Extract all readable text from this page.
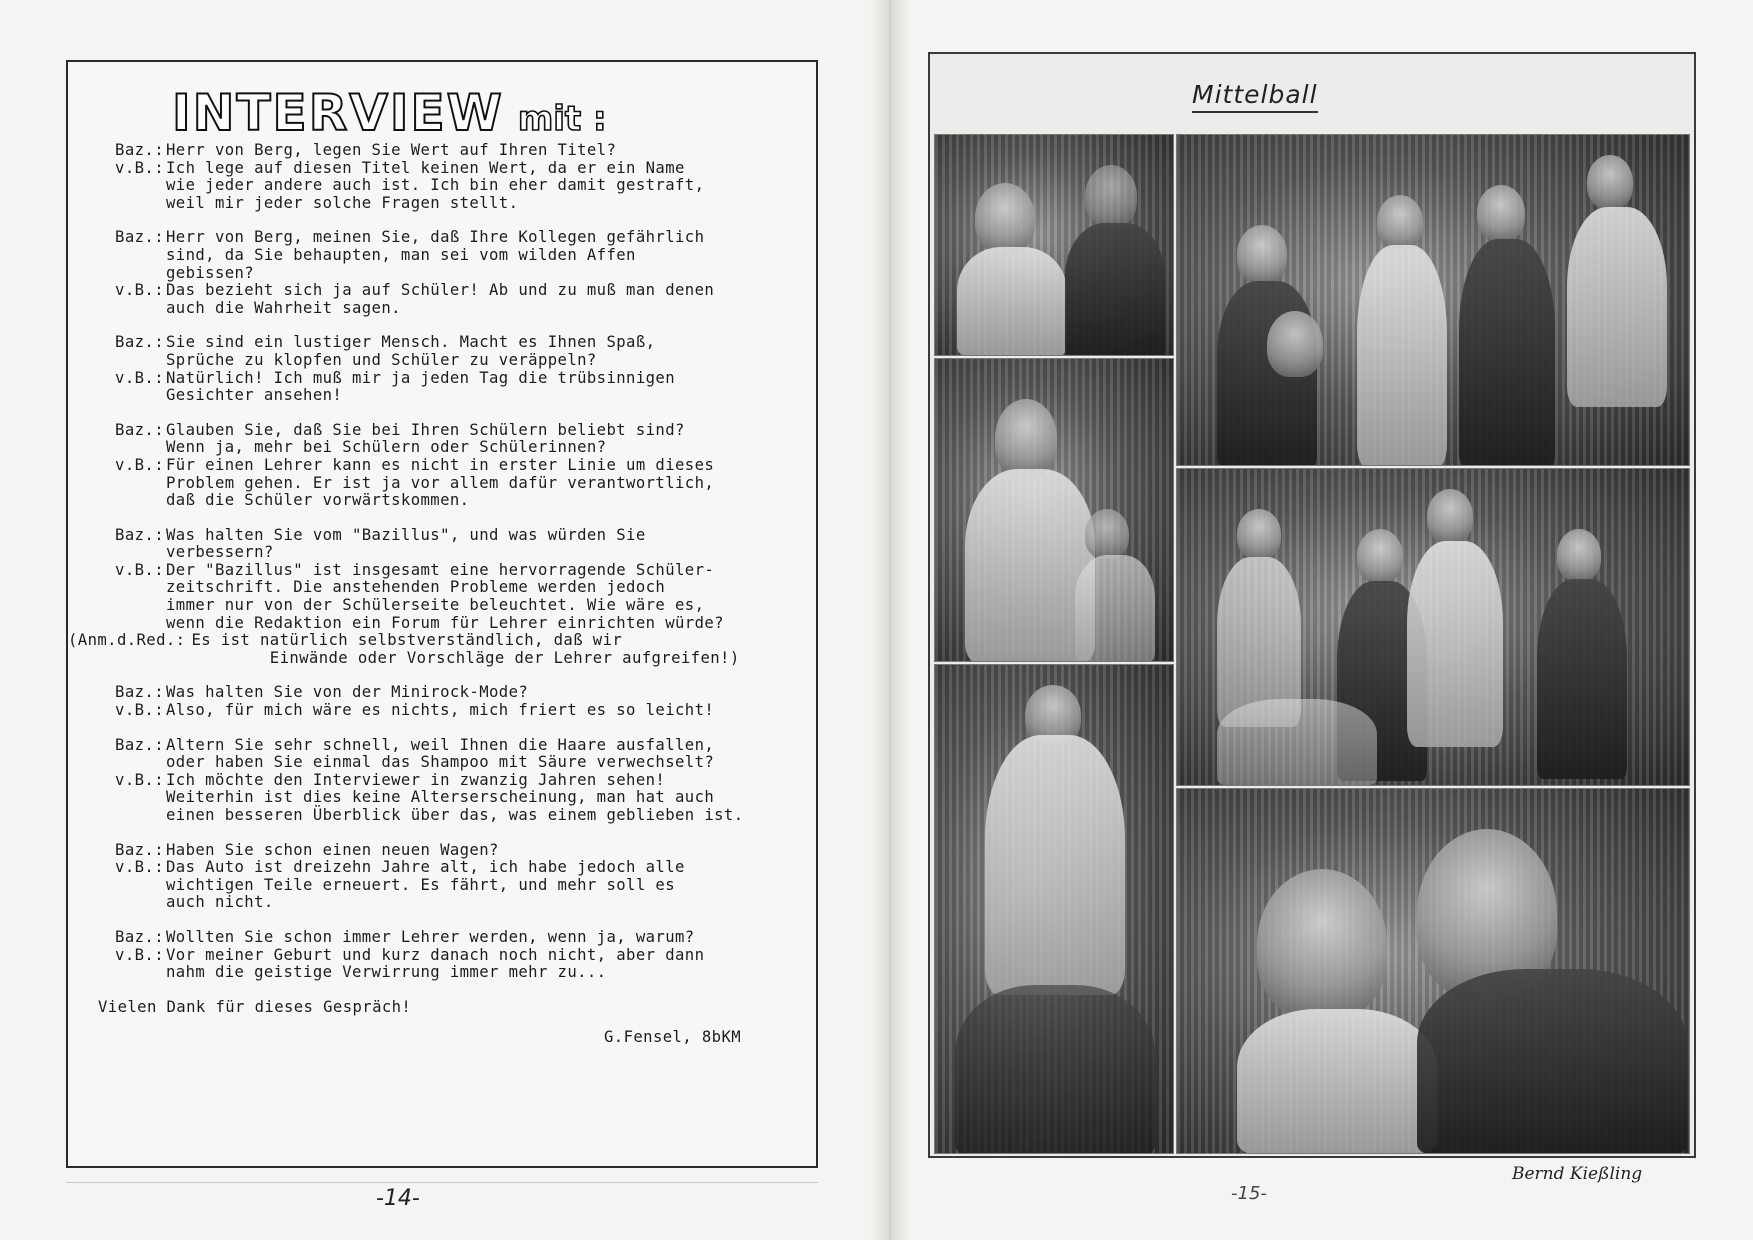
INTERVIEW mit :
Baz.: Herr von Berg, legen Sie Wert auf Ihren Titel?
v.B.: Ich lege auf diesen Titel keinen Wert, da er ein Name
wie jeder andere auch ist. Ich bin eher damit gestraft,
weil mir jeder solche Fragen stellt.
Baz.: Herr von Berg, meinen Sie, daß Ihre Kollegen gefährlich
sind, da Sie behaupten, man sei vom wilden Affen
gebissen?
v.B.: Das bezieht sich ja auf Schüler! Ab und zu muß man denen
auch die Wahrheit sagen.
Baz.: Sie sind ein lustiger Mensch. Macht es Ihnen Spaß,
Sprüche zu klopfen und Schüler zu veräppeln?
v.B.: Natürlich! Ich muß mir ja jeden Tag die trübsinnigen
Gesichter ansehen!
Baz.: Glauben Sie, daß Sie bei Ihren Schülern beliebt sind?
Wenn ja, mehr bei Schülern oder Schülerinnen?
v.B.: Für einen Lehrer kann es nicht in erster Linie um dieses
Problem gehen. Er ist ja vor allem dafür verantwortlich,
daß die Schüler vorwärtskommen.
Baz.: Was halten Sie vom "Bazillus", und was würden Sie
verbessern?
v.B.: Der "Bazillus" ist insgesamt eine hervorragende Schüler-
zeitschrift. Die anstehenden Probleme werden jedoch
immer nur von der Schülerseite beleuchtet. Wie wäre es,
wenn die Redaktion ein Forum für Lehrer einrichten würde?
(Anm.d.Red.: Es ist natürlich selbstverständlich, daß wir
Einwände oder Vorschläge der Lehrer aufgreifen!)
Baz.: Was halten Sie von der Minirock-Mode?
v.B.: Also, für mich wäre es nichts, mich friert es so leicht!
Baz.: Altern Sie sehr schnell, weil Ihnen die Haare ausfallen,
oder haben Sie einmal das Shampoo mit Säure verwechselt?
v.B.: Ich möchte den Interviewer in zwanzig Jahren sehen!
Weiterhin ist dies keine Alterserscheinung, man hat auch
einen besseren Überblick über das, was einem geblieben ist.
Baz.: Haben Sie schon einen neuen Wagen?
v.B.: Das Auto ist dreizehn Jahre alt, ich habe jedoch alle
wichtigen Teile erneuert. Es fährt, und mehr soll es
auch nicht.
Baz.: Wollten Sie schon immer Lehrer werden, wenn ja, warum?
v.B.: Vor meiner Geburt und kurz danach noch nicht, aber dann
nahm die geistige Verwirrung immer mehr zu...
Vielen Dank für dieses Gespräch!
G.Fensel, 8bKM
-14-
Mittelball
Bernd Kießling
-15-
